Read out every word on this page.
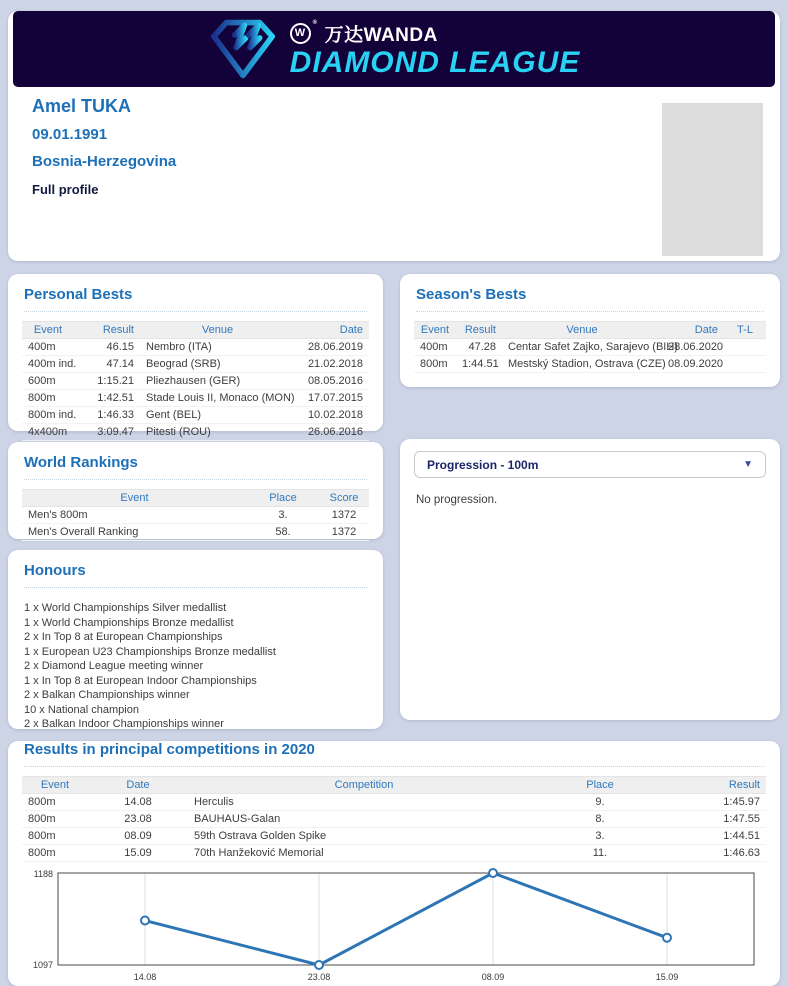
W
®
万达WANDA
DIAMOND LEAGUE
Amel TUKA
09.01.1991
Bosnia-Herzegovina
Full profile
Personal Bests
Event	Result	Venue	Date
400m	46.15	Nembro (ITA)	28.06.2019
400m ind.	47.14	Beograd (SRB)	21.02.2018
600m	1:15.21	Pliezhausen (GER)	08.05.2016
800m	1:42.51	Stade Louis II, Monaco (MON)	17.07.2015
800m ind.	1:46.33	Gent (BEL)	10.02.2018
4x400m	3:09.47	Pitesti (ROU)	26.06.2016
World Rankings
Event	Place	Score
Men's 800m	3.	1372
Men's Overall Ranking	58.	1372
Honours
1 x World Championships Silver medallist
1 x World Championships Bronze medallist
2 x In Top 8 at European Championships
1 x European U23 Championships Bronze medallist
2 x Diamond League meeting winner
1 x In Top 8 at European Indoor Championships
2 x Balkan Championships winner
10 x National champion
2 x Balkan Indoor Championships winner
Season's Bests
Event	Result	Venue	Date	T-L
400m	47.28	Centar Safet Zajko, Sarajevo (BIH)	28.06.2020	
800m	1:44.51	Mestský Stadion, Ostrava (CZE)	08.09.2020	
Progression - 100m	▼
No progression.
Results in principal competitions in 2020
Event	Date	Competition	Place	Result
800m	14.08	Herculis	9.	1:45.97
800m	23.08	BAUHAUS-Galan	8.	1:47.55
800m	08.09	59th Ostrava Golden Spike	3.	1:44.51
800m	15.09	70th Hanžeković Memorial	11.	1:46.63
1188
1097
14.08	23.08	08.09	15.09
